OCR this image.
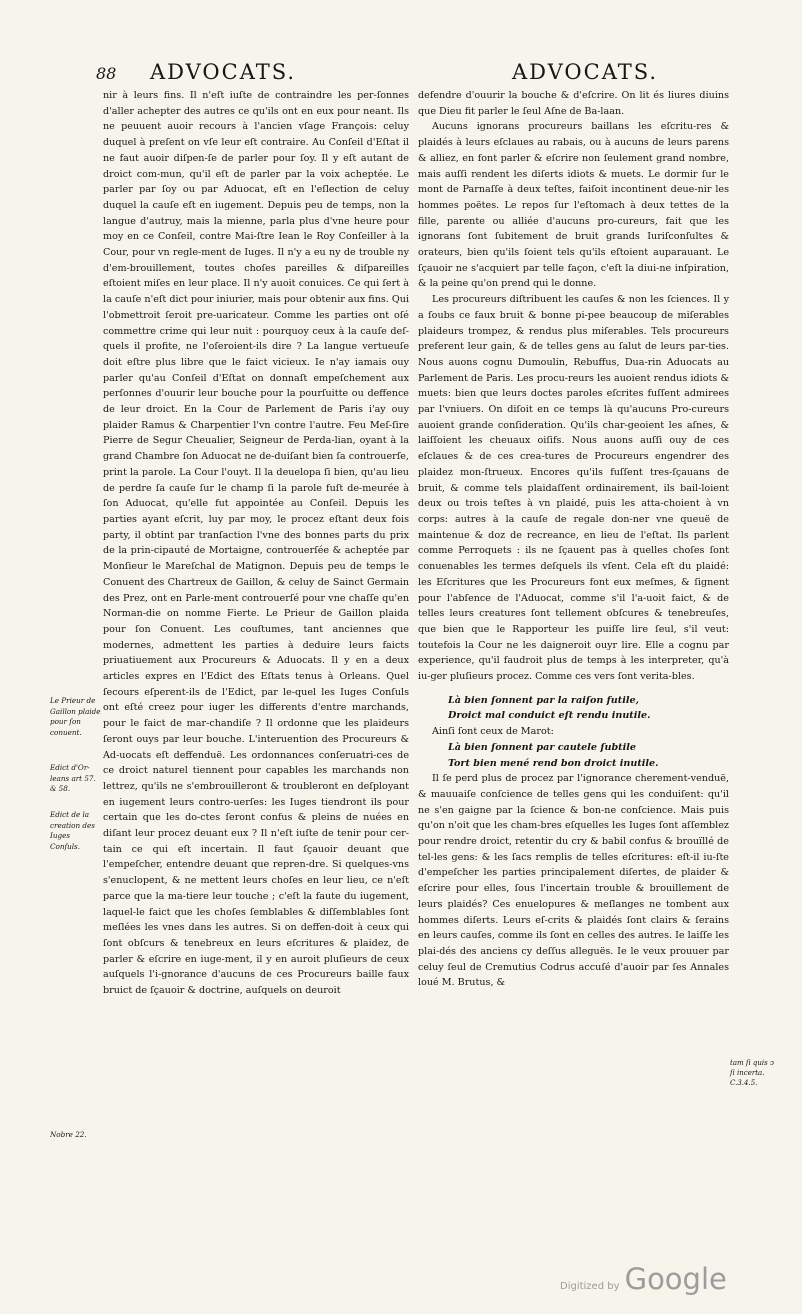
88 ADVOCATS.	ADVOCATS.

nir à leurs fins. Il n'eſt iuſte de contraindre les per-ſonnes d'aller achepter des autres ce qu'ils ont en eux pour neant. Ils ne peuuent auoir recours à l'ancien vſage François: celuy duquel à preſent on vſe leur eſt contraire. Au Conſeil d'Eſtat il ne faut auoir diſpen-ſe de parler pour ſoy. Il y eſt autant de droict com-mun, qu'il eſt de parler par la voix acheptée. Le parler par ſoy ou par Aduocat, eſt en l'eſlection de celuy duquel la cauſe eſt en iugement. Depuis peu de temps, non la langue d'autruy, mais la mienne, parla plus d'vne heure pour moy en ce Conſeil, contre Mai-ſtre Iean le Roy Conſeiller à la Cour, pour vn regle-ment de Iuges. Il n'y a eu ny de trouble ny d'em-brouillement, toutes choſes pareilles & diſpareilles eſtoient miſes en leur place. Il n'y auoit conuices. Ce qui ſert à la cauſe n'eſt dict pour iniurier, mais pour obtenir aux fins. Qui l'obmettroit ſeroit pre-uaricateur. Comme les parties ont oſé commettre crime qui leur nuit : pourquoy ceux à la cauſe deſ-quels il profite, ne l'oſeroient-ils dire ? La langue vertueuſe doit eſtre plus libre que le faict vicieux. Ie n'ay iamais ouy parler qu'au Conſeil d'Eſtat on donnaſt empeſchement aux perſonnes d'ouurir leur bouche pour la pourſuitte ou deffence de leur droict. En la Cour de Parlement de Paris i'ay ouy plaider Ramus & Charpentier l'vn contre l'autre. Feu Meſ-ſire Pierre de Segur Cheualier, Seigneur de Perda-lian, oyant à la grand Chambre ſon Aduocat ne de-duiſant bien ſa controuerſe, print la parole. La Cour l'ouyt. Il la deuelopa ſi bien, qu'au lieu de perdre ſa cauſe ſur le champ ſi la parole fuſt de-meurée à ſon Aduocat, qu'elle fut appointée au Conſeil. Depuis les parties ayant eſcrit, luy par moy, le procez eſtant deux fois party, il obtint par tranſaction l'vne des bonnes parts du prix de la prin-cipauté de Mortaigne, controuerſée & acheptée par Monſieur le Mareſchal de Matignon. Depuis peu de temps le Conuent des Chartreux de Gaillon, & celuy de Sainct Germain des Prez, ont en Parle-ment controuerſé pour vne chaſſe qu'en Norman-die on nomme Fierte. Le Prieur de Gaillon plaida pour ſon Conuent. Les couſtumes, tant anciennes que modernes, admettent les parties à deduire leurs faicts priuatiuement aux Procureurs & Aduocats. Il y en a deux articles expres en l'Edict des Eſtats tenus à Orleans. Quel ſecours eſperent-ils de l'Edict, par le-quel les Iuges Conſuls ont eſté creez pour iuger les differents d'entre marchands, pour le faict de mar-chandiſe ? Il ordonne que les plaideurs ſeront ouys par leur bouche. L'interuention des Procureurs & Ad-uocats eſt deffenduë. Les ordonnances conſeruatri-ces de ce droict naturel tiennent pour capables les marchands non lettrez, qu'ils ne s'embrouilleront & troubleront en deſployant en iugement leurs contro-uerſes: les Iuges tiendront ils pour certain que les do-ctes ſeront confus & pleins de nuées en diſant leur procez deuant eux ? Il n'eſt iuſte de tenir pour cer-tain ce qui eſt incertain. Il faut ſçauoir deuant que l'empeſcher, entendre deuant que repren-dre. Si quelques-vns s'enuclopent, & ne mettent leurs choſes en leur lieu, ce n'eſt parce que la ma-tiere leur touche ; c'eſt la faute du iugement, laquel-le faict que les choſes ſemblables & diſſemblables ſont meſlées les vnes dans les autres. Si on deffen-doit à ceux qui ſont obſcurs & tenebreux en leurs eſcritures & plaidez, de parler & eſcrire en iuge-ment, il y en auroit pluſieurs de ceux auſquels l'i-gnorance d'aucuns de ces Procureurs baille faux bruict de ſçauoir & doctrine, auſquels on deuroit

defendre d'ouurir la bouche & d'eſcrire. On lit és liures diuins que Dieu fit parler le ſeul Aſne de Ba-laan.

Aucuns ignorans procureurs baillans les eſcritu-res & plaidés à leurs eſclaues au rabais, ou à aucuns de leurs parens & alliez, en font parler & eſcrire non ſeulement grand nombre, mais auſſi rendent les diſerts idiots & muets. Le dormir ſur le mont de Parnaſſe à deux teſtes, faiſoit incontinent deue-nir les hommes poëtes. Le repos ſur l'eſtomach à deux tettes de la fille, parente ou alliée d'aucuns pro-cureurs, fait que les ignorans ſont ſubitement de bruit grands Iuriſconſultes & orateurs, bien qu'ils ſoient tels qu'ils eſtoient auparauant. Le ſçauoir ne s'acquiert par telle façon, c'eſt la diui-ne inſpiration, & la peine qu'on prend qui le donne.

Les procureurs diſtribuent les cauſes & non les ſciences. Il y a ſoubs ce faux bruit & bonne pi-pee beaucoup de miſerables plaideurs trompez, & rendus plus miſerables. Tels procureurs preferent leur gain, & de telles gens au ſalut de leurs par-ties. Nous auons cognu Dumoulin, Rebuffus, Dua-rin Aduocats au Parlement de Paris. Les procu-reurs les auoient rendus idiots & muets: bien que leurs doctes paroles eſcrites fuſſent admirees par l'vniuers. On diſoit en ce temps là qu'aucuns Pro-cureurs auoient grande conſideration. Qu'ils char-geoient les aſnes, & laiſſoient les cheuaux oiſifs. Nous auons auſſi ouy de ces eſclaues & de ces crea-tures de Procureurs engendrer des plaidez mon-ſtrueux. Encores qu'ils fuſſent tres-ſçauans de bruit, & comme tels plaidaſſent ordinairement, ils bail-loient deux ou trois teſtes à vn plaidé, puis les atta-choient à vn corps: autres à la cauſe de regale don-ner vne queuë de maintenue & doz de recreance, en lieu de l'eſtat. Ils parlent comme Perroquets : ils ne ſçauent pas à quelles choſes ſont conuenables les termes deſquels ils vſent. Cela eſt du plaidé: les Eſcritures que les Procureurs font eux meſmes, & ſignent pour l'abſence de l'Aduocat, comme s'il l'a-uoit faict, & de telles leurs creatures ſont tellement obſcures & tenebreuſes, que bien que le Rapporteur les puiſſe lire ſeul, s'il veut: toutefois la Cour ne les daigneroit ouyr lire. Elle a cognu par experience, qu'il faudroit plus de temps à les interpreter, qu'à iu-ger pluſieurs procez. Comme ces vers ſont verita-bles.

Là bien ſonnent par la raiſon futile,

Droict mal conduict eſt rendu inutile.

Ainſi ſont ceux de Marot:

Là bien ſonnent par cautele ſubtile

Tort bien mené rend bon droict inutile.

Il ſe perd plus de procez par l'ignorance cherement-venduë, & mauuaiſe conſcience de telles gens qui les conduiſent: qu'il ne s'en gaigne par la ſcience & bon-ne conſcience. Mais puis qu'on n'oit que les cham-bres eſquelles les Iuges ſont aſſemblez pour rendre droict, retentir du cry & babil confus & brouïllé de tel-les gens: & les ſacs remplis de telles eſcritures: eſt-il iu-ſte d'empeſcher les parties principalement diſertes, de plaider & eſcrire pour elles, ſous l'incertain trouble & brouillement de leurs plaidés? Ces enuelopures & meſlanges ne tombent aux hommes diſerts. Leurs eſ-crits & plaidés ſont clairs & ſerains en leurs cauſes, comme ils ſont en celles des autres. Ie laiſſe les plai-dés des anciens cy deſſus alleguës. Ie le veux prouuer par celuy ſeul de Cremutius Codrus accuſé d'auoir par ſes Annales loué M. Brutus, &

Le Prieur de Gaillon plaide pour ſon conuent.
Edict d'Or-leans art 57. & 58.
Edict de la creation des Iuges Conſuls.
Nobre 22.
tam ſi quis ↄ ſi incerta. C.3.4.5.
Digitized by Google
